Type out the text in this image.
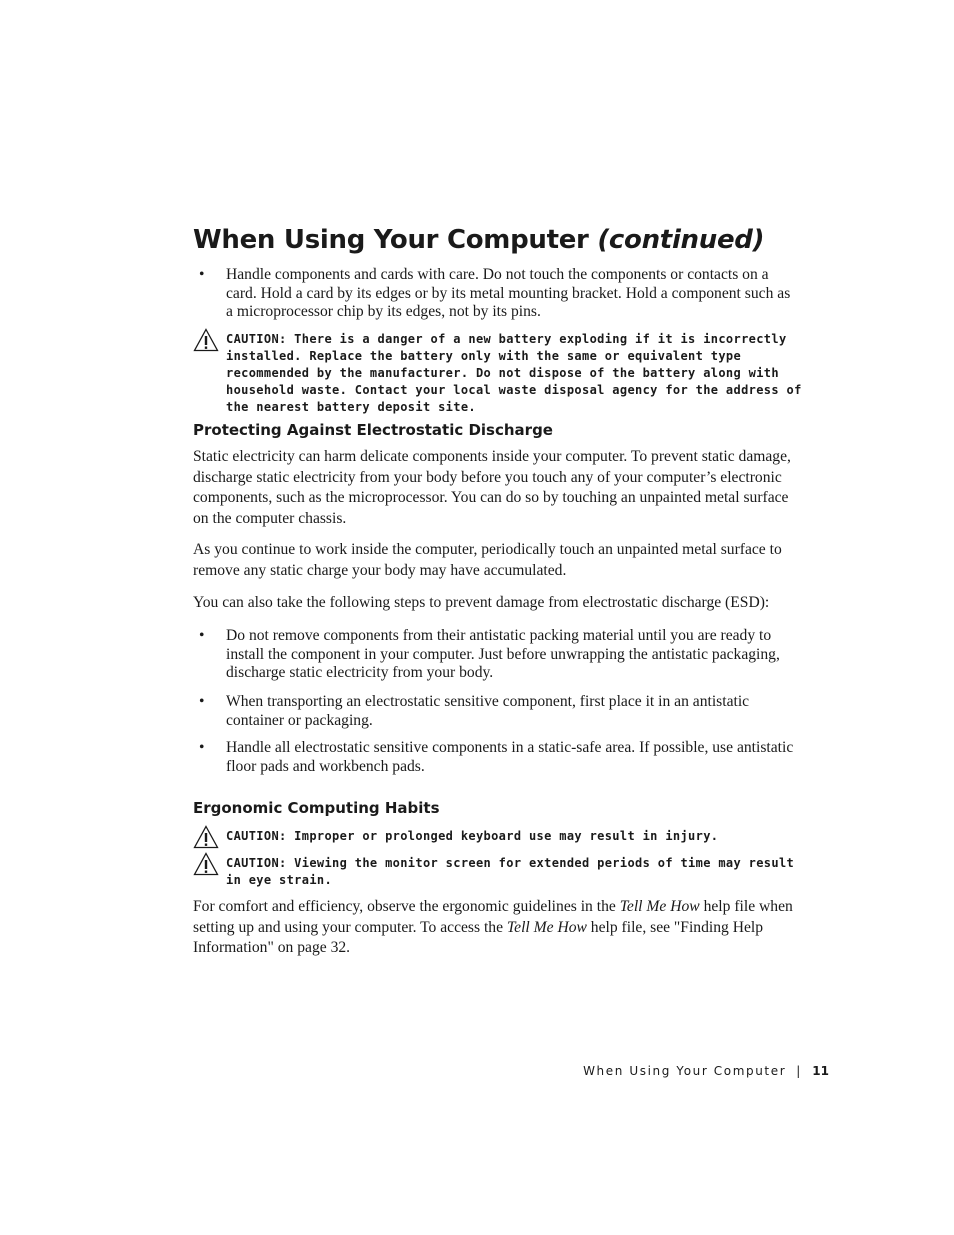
When Using Your Computer (continued)
• Handle components and cards with care. Do not touch the components or contacts on a card. Hold a card by its edges or by its metal mounting bracket. Hold a component such as a microprocessor chip by its edges, not by its pins.
CAUTION: There is a danger of a new battery exploding if it is incorrectly installed. Replace the battery only with the same or equivalent type recommended by the manufacturer. Do not dispose of the battery along with household waste. Contact your local waste disposal agency for the address of the nearest battery deposit site.
Protecting Against Electrostatic Discharge

Static electricity can harm delicate components inside your computer. To prevent static damage, discharge static electricity from your body before you touch any of your computer’s electronic components, such as the microprocessor. You can do so by touching an unpainted metal surface on the computer chassis.

As you continue to work inside the computer, periodically touch an unpainted metal surface to remove any static charge your body may have accumulated.

You can also take the following steps to prevent damage from electrostatic discharge (ESD):

• Do not remove components from their antistatic packing material until you are ready to install the component in your computer. Just before unwrapping the antistatic packaging, discharge static electricity from your body.
• When transporting an electrostatic sensitive component, first place it in an antistatic container or packaging.
• Handle all electrostatic sensitive components in a static-safe area. If possible, use antistatic floor pads and workbench pads.
Ergonomic Computing Habits
CAUTION: Improper or prolonged keyboard use may result in injury.
CAUTION: Viewing the monitor screen for extended periods of time may result in eye strain.

For comfort and efficiency, observe the ergonomic guidelines in the Tell Me How help file when setting up and using your computer. To access the Tell Me How help file, see "Finding Help Information" on page 32.

When Using Your Computer | 11
